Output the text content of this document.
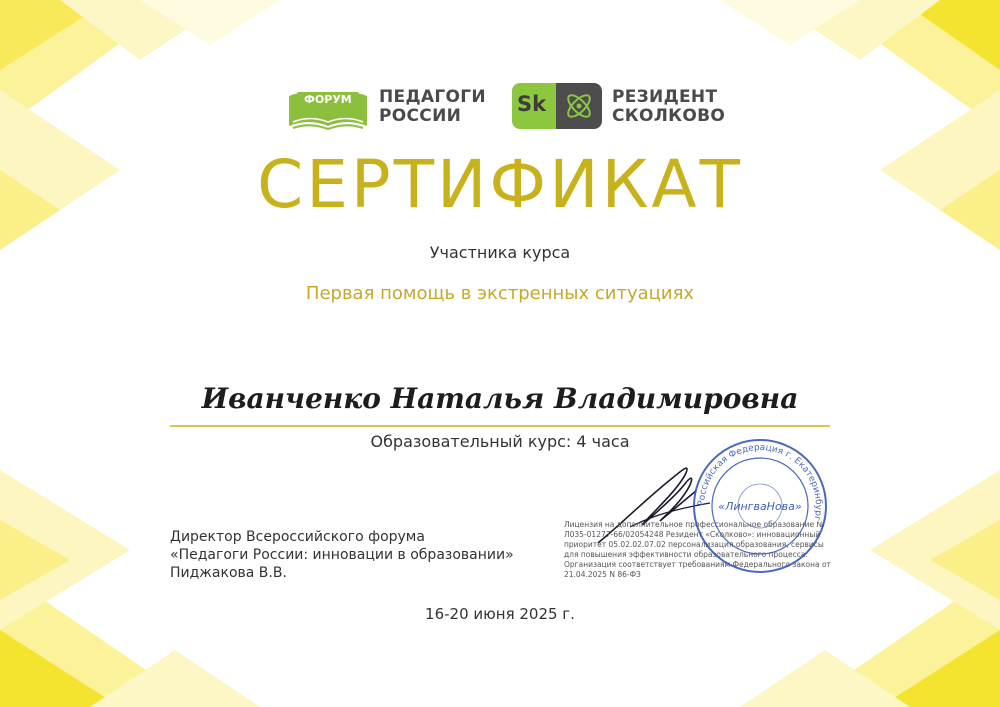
ФОРУМ ПЕДАГОГИ
РОССИИ	Sk	РЕЗИДЕНТ
СКОЛКОВО
СЕРТИФИКАТ
Участника курса
Первая помощь в экстренных ситуациях
Иванченко Наталья Владимировна
Образовательный курс: 4 часа
Директор Всероссийского форума
«Педагоги России: инновации в образовании»
Пиджакова В.В.
Лицензия на дополнительное профессиональное образование № Л035-01277-66/02054248 Резидент «Сколково»: инновационный приоритет 05.02.02.07.02 персонализация образования, сервисы для повышения эффективности образовательного процесса. Организация соответствует требованиям Федерального закона от 21.04.2025 N 86-ФЗ
Российская Федерация г. Екатеринбург
«ЛингваНова»
16-20 июня 2025 г.
